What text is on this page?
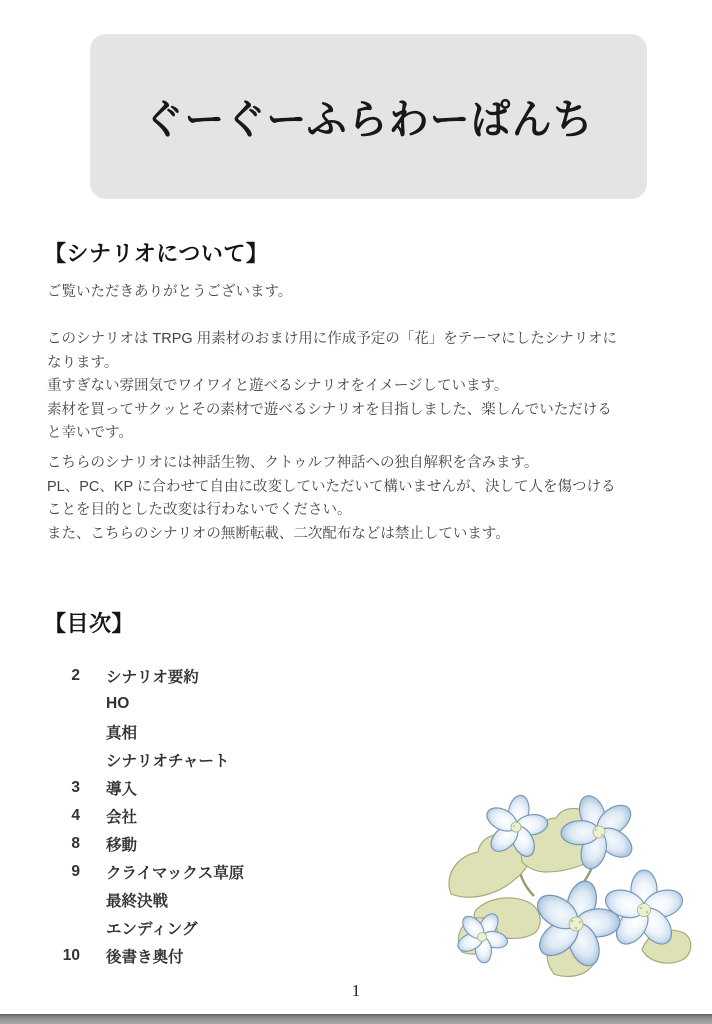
ぐーぐーふらわーぱんち
【シナリオについて】
ご覧いただきありがとうございます。
このシナリオは TRPG 用素材のおまけ用に作成予定の「花」をテーマにしたシナリオに
なります。
重すぎない雰囲気でワイワイと遊べるシナリオをイメージしています。
素材を買ってサクッとその素材で遊べるシナリオを目指しました、楽しんでいただける
と幸いです。
こちらのシナリオには神話生物、クトゥルフ神話への独自解釈を含みます。
PL、PC、KP に合わせて自由に改変していただいて構いませんが、決して人を傷つける
ことを目的とした改変は行わないでください。
また、こちらのシナリオの無断転載、二次配布などは禁止しています。
【目次】
2 シナリオ要約
HO
真相
シナリオチャート
3 導入
4 会社
8 移動
9 クライマックス草原
最終決戦
エンディング
10 後書き奥付
1
